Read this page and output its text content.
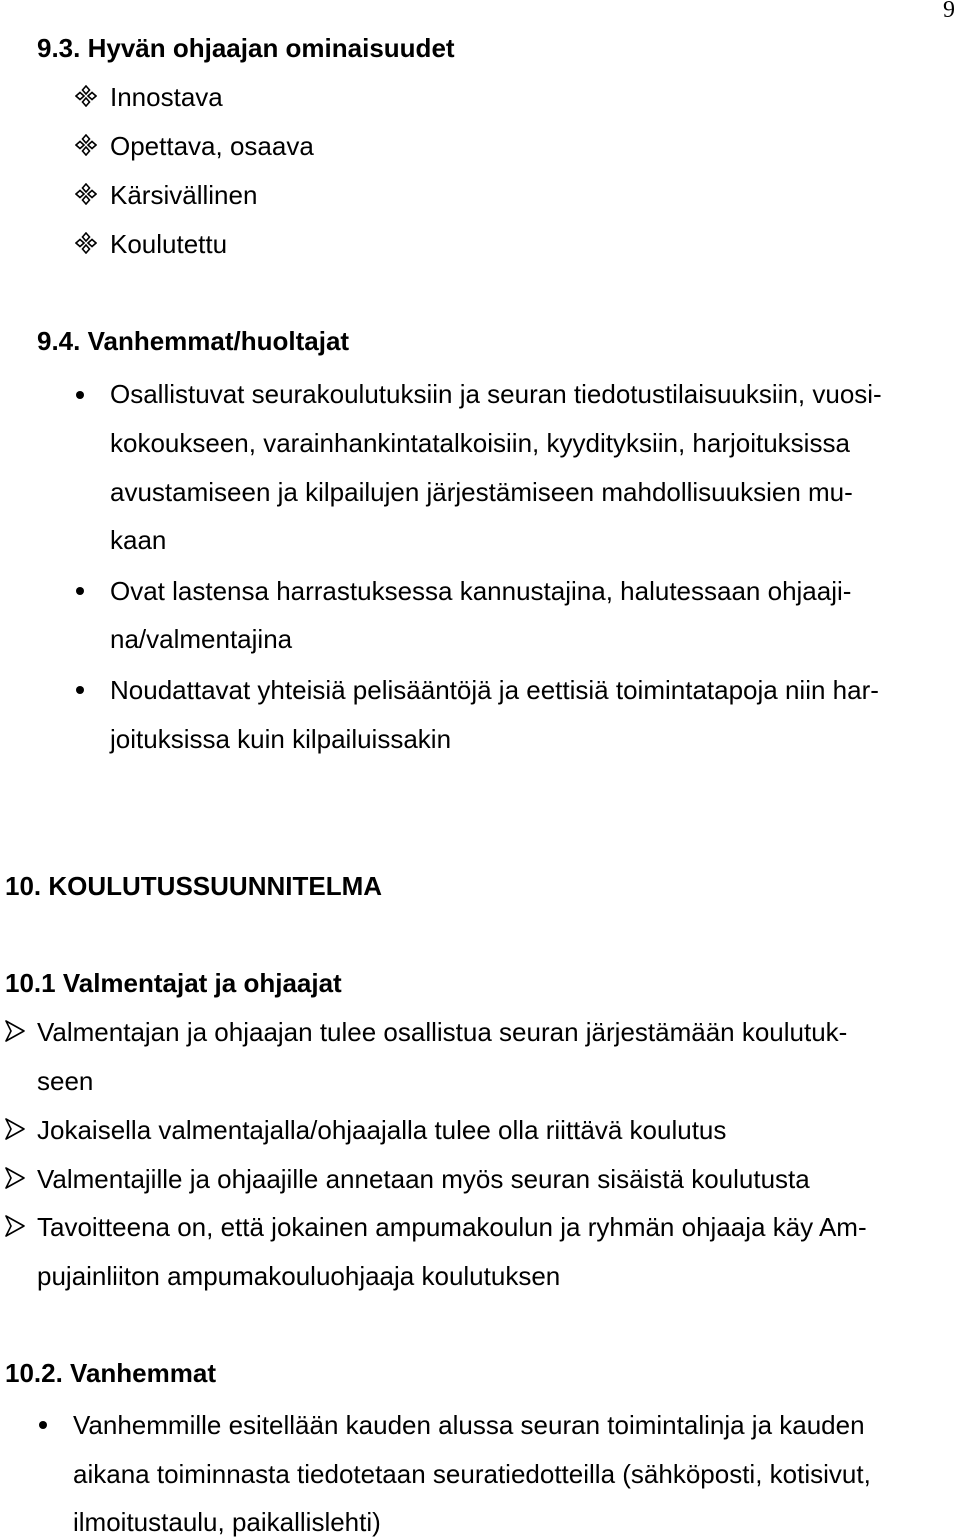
9
9.3. Hyvän ohjaajan ominaisuudet
Innostava
Opettava, osaava
Kärsivällinen
Koulutettu
9.4. Vanhemmat/huoltajat
Osallistuvat seurakoulutuksiin ja seuran tiedotustilaisuuksiin, vuosi-
kokoukseen, varainhankintatalkoisiin, kyydityksiin, harjoituksissa
avustamiseen ja kilpailujen järjestämiseen mahdollisuuksien mu-
kaan
Ovat lastensa harrastuksessa kannustajina, halutessaan ohjaaji-
na/valmentajina
Noudattavat yhteisiä pelisääntöjä ja eettisiä toimintatapoja niin har-
joituksissa kuin kilpailuissakin
10. KOULUTUSSUUNNITELMA
10.1 Valmentajat ja ohjaajat
Valmentajan ja ohjaajan tulee osallistua seuran järjestämään koulutuk-
seen
Jokaisella valmentajalla/ohjaajalla tulee olla riittävä koulutus
Valmentajille ja ohjaajille annetaan myös seuran sisäistä koulutusta
Tavoitteena on, että jokainen ampumakoulun ja ryhmän ohjaaja käy Am-
pujainliiton ampumakouluohjaaja koulutuksen
10.2. Vanhemmat
Vanhemmille esitellään kauden alussa seuran toimintalinja ja kauden
aikana toiminnasta tiedotetaan seuratiedotteilla (sähköposti, kotisivut,
ilmoitustaulu, paikallislehti)
